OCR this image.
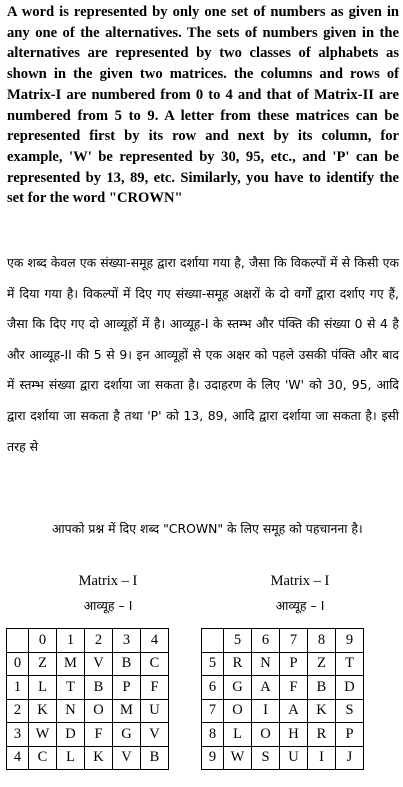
A word is represented by only one set of numbers as given in any one of the alternatives. The sets of numbers given in the alternatives are represented by two classes of alphabets as shown in the given two matrices. the columns and rows of Matrix-I are numbered from 0 to 4 and that of Matrix-II are numbered from 5 to 9. A letter from these matrices can be represented first by its row and next by its column, for example, 'W' be represented by 30, 95, etc., and 'P' can be represented by 13, 89, etc. Similarly, you have to identify the set for the word "CROWN"
एक शब्द केवल एक संख्या-समूह द्वारा दर्शाया गया है, जैसा कि विकल्पों में से किसी एक में दिया गया है। विकल्पों में दिए गए संख्या-समूह अक्षरों के दो वर्गों द्वारा दर्शाए गए हैं, जैसा कि दिए गए दो आव्यूहों में है। आव्यूह-I के स्तम्भ और पंक्ति की संख्या 0 से 4 है और आव्यूह-II की 5 से 9। इन आव्यूहों से एक अक्षर को पहले उसकी पंक्ति और बाद में स्तम्भ संख्या द्वारा दर्शाया जा सकता है। उदाहरण के लिए 'W' को 30, 95, आदि द्वारा दर्शाया जा सकता है तथा 'P' को 13, 89, आदि द्वारा दर्शाया जा सकता है। इसी तरह से
आपको प्रश्न में दिए शब्द "CROWN" के लिए समूह को पहचानना है।
Matrix – I
आव्यूह – I
Matrix – I
आव्यूह – I
	0	1	2	3	4
0	Z	M	V	B	C
1	L	T	B	P	F
2	K	N	O	M	U
3	W	D	F	G	V
4	C	L	K	V	B
	5	6	7	8	9
5	R	N	P	Z	T
6	G	A	F	B	D
7	O	I	A	K	S
8	L	O	H	R	P
9	W	S	U	I	J
